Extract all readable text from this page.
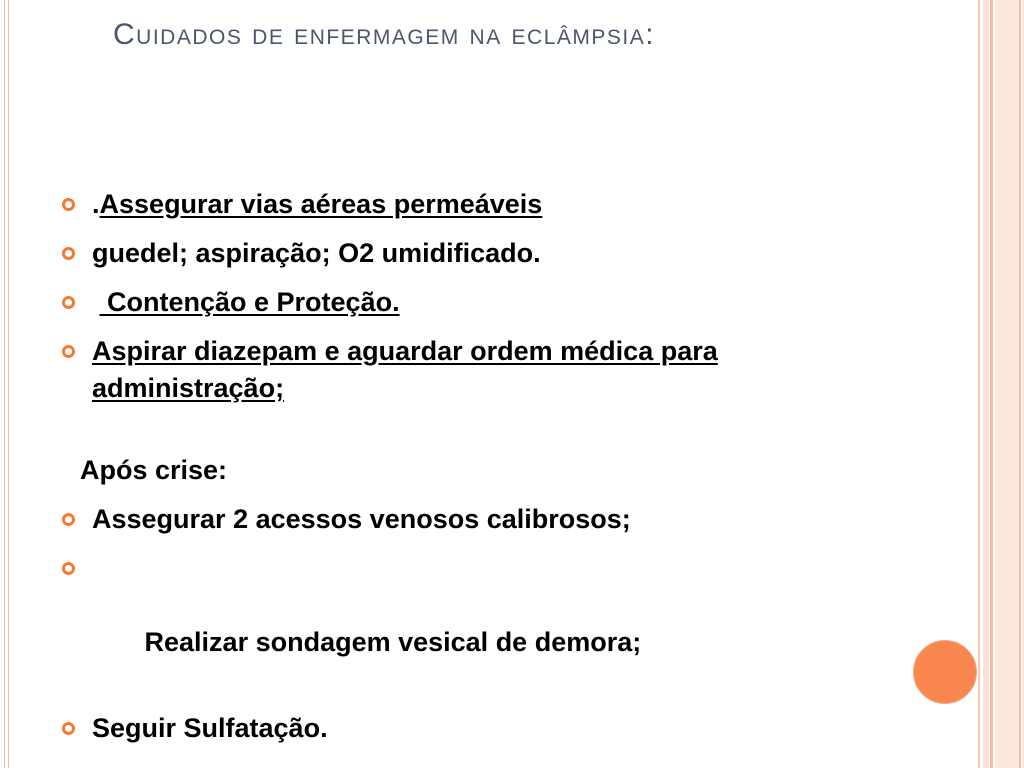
Cuidados de enfermagem na eclâmpsia:
.Assegurar vias aéreas permeáveis
guedel; aspiração; O2 umidificado.
Contenção e Proteção.
Aspirar diazepam e aguardar ordem médica para administração;
Após crise:
Assegurar 2 acessos venosos calibrosos;

Realizar sondagem vesical de demora;

Seguir Sulfatação.
